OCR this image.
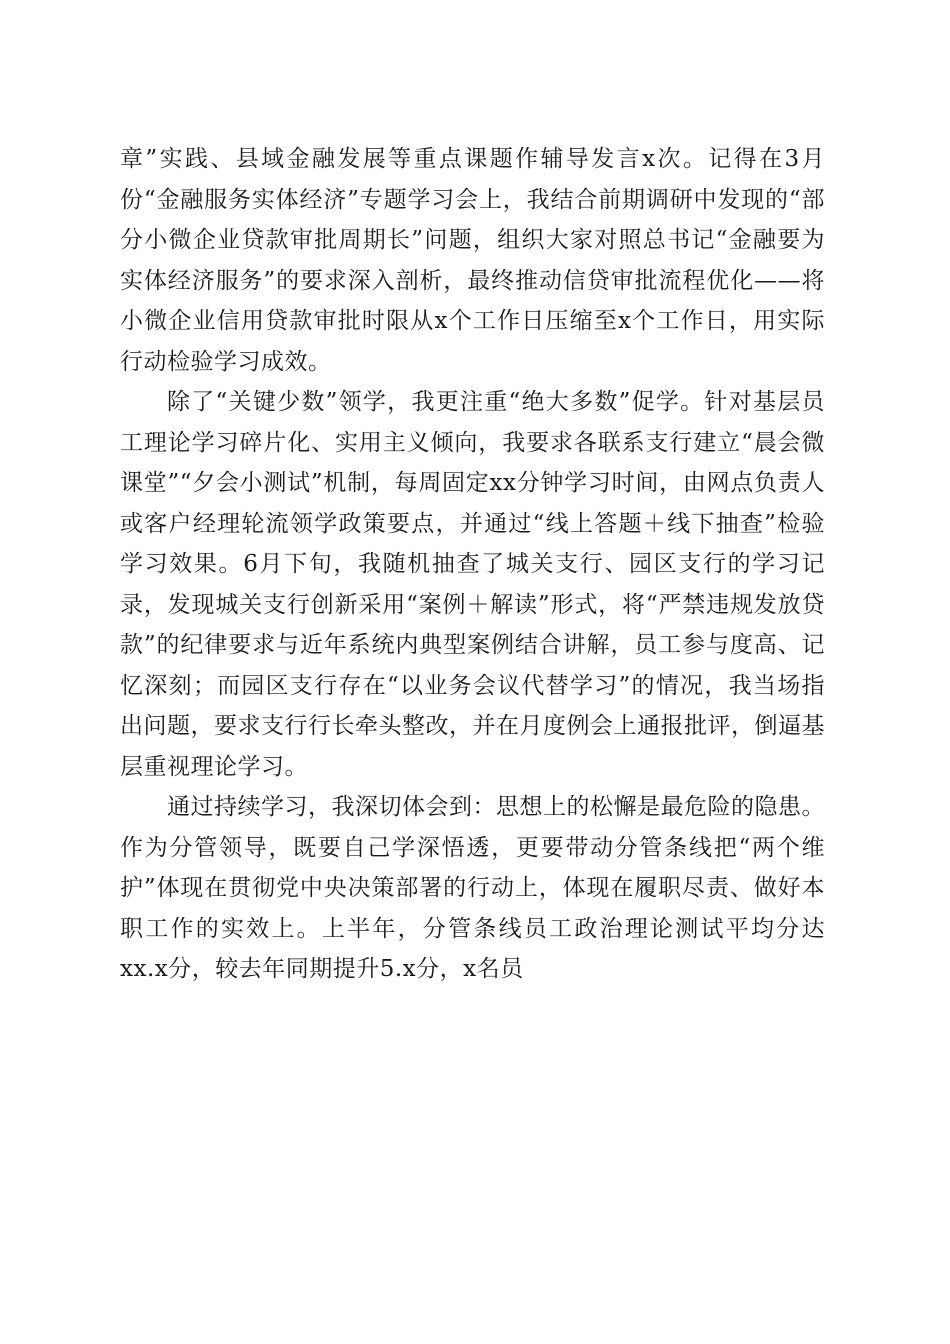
章”实践、县域金融发展等重点课题作辅导发言x次。记得在3月份“金融服务实体经济”专题学习会上，我结合前期调研中发现的“部分小微企业贷款审批周期长”问题，组织大家对照总书记“金融要为实体经济服务”的要求深入剖析，最终推动信贷审批流程优化——将小微企业信用贷款审批时限从x个工作日压缩至x个工作日，用实际行动检验学习成效。

除了“关键少数”领学，我更注重“绝大多数”促学。针对基层员工理论学习碎片化、实用主义倾向，我要求各联系支行建立“晨会微课堂”“夕会小测试”机制，每周固定xx分钟学习时间，由网点负责人或客户经理轮流领学政策要点，并通过“线上答题＋线下抽查”检验学习效果。6月下旬，我随机抽查了城关支行、园区支行的学习记录，发现城关支行创新采用“案例＋解读”形式，将“严禁违规发放贷款”的纪律要求与近年系统内典型案例结合讲解，员工参与度高、记忆深刻；而园区支行存在“以业务会议代替学习”的情况，我当场指出问题，要求支行行长牵头整改，并在月度例会上通报批评，倒逼基层重视理论学习。

通过持续学习，我深切体会到：思想上的松懈是最危险的隐患。作为分管领导，既要自己学深悟透，更要带动分管条线把“两个维护”体现在贯彻党中央决策部署的行动上，体现在履职尽责、做好本职工作的实效上。上半年，分管条线员工政治理论测试平均分达xx.x分，较去年同期提升5.x分，x名员
